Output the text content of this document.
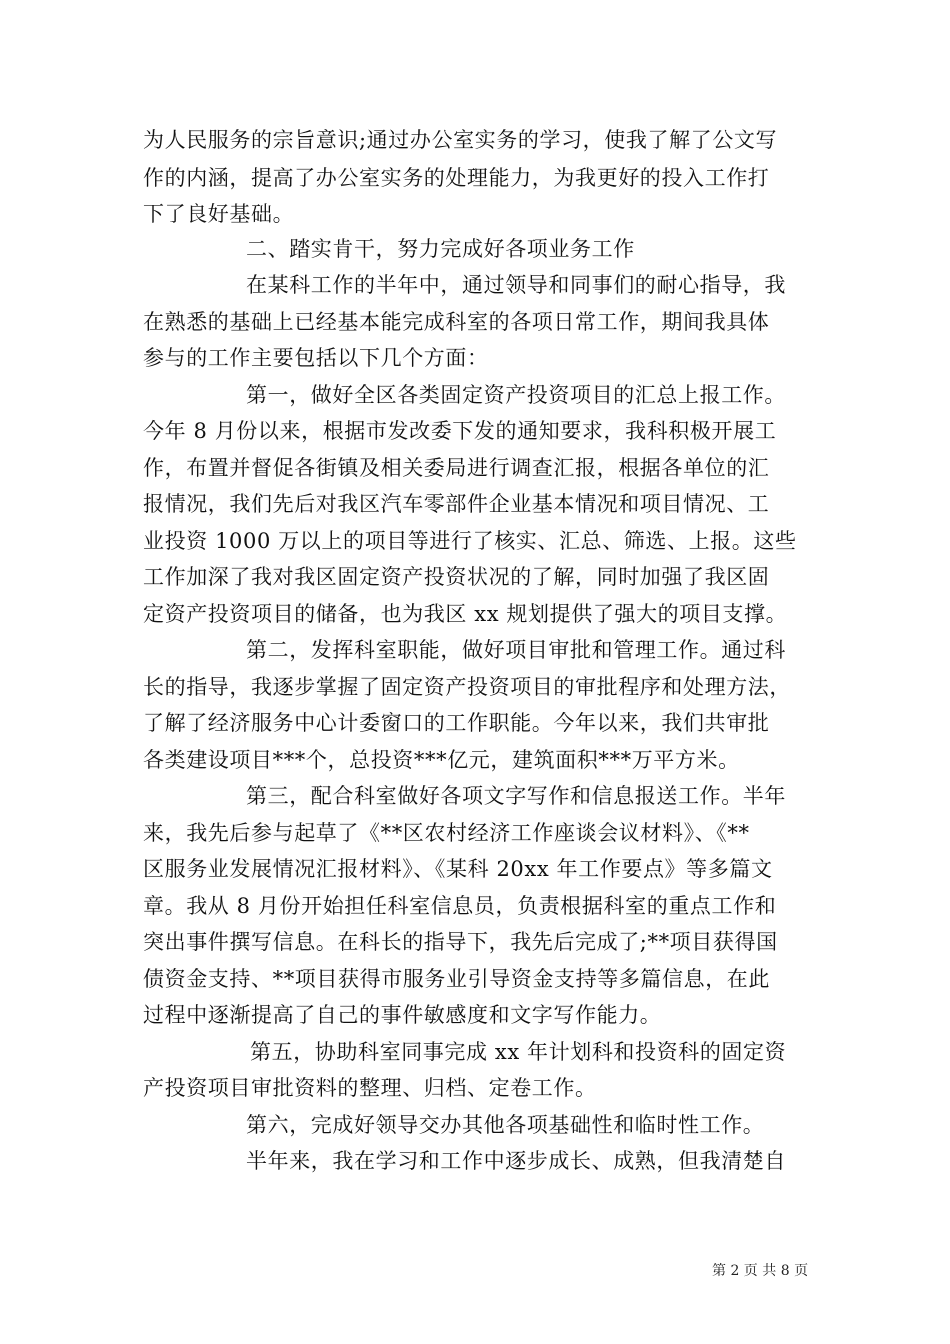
为人民服务的宗旨意识;通过办公室实务的学习，使我了解了公文写
作的内涵，提高了办公室实务的处理能力，为我更好的投入工作打
下了良好基础。
二、踏实肯干，努力完成好各项业务工作
在某科工作的半年中，通过领导和同事们的耐心指导，我
在熟悉的基础上已经基本能完成科室的各项日常工作，期间我具体
参与的工作主要包括以下几个方面：
第一，做好全区各类固定资产投资项目的汇总上报工作。
今年 8 月份以来，根据市发改委下发的通知要求，我科积极开展工
作，布置并督促各街镇及相关委局进行调查汇报，根据各单位的汇
报情况，我们先后对我区汽车零部件企业基本情况和项目情况、工
业投资 1000 万以上的项目等进行了核实、汇总、筛选、上报。这些
工作加深了我对我区固定资产投资状况的了解，同时加强了我区固
定资产投资项目的储备，也为我区 xx 规划提供了强大的项目支撑。
第二，发挥科室职能，做好项目审批和管理工作。通过科
长的指导，我逐步掌握了固定资产投资项目的审批程序和处理方法，
了解了经济服务中心计委窗口的工作职能。今年以来，我们共审批
各类建设项目***个，总投资***亿元，建筑面积***万平方米。
第三，配合科室做好各项文字写作和信息报送工作。半年
来，我先后参与起草了《**区农村经济工作座谈会议材料》、《**
区服务业发展情况汇报材料》、《某科 20xx 年工作要点》等多篇文
章。我从 8 月份开始担任科室信息员，负责根据科室的重点工作和
突出事件撰写信息。在科长的指导下，我先后完成了;**项目获得国
债资金支持、**项目获得市服务业引导资金支持等多篇信息，在此
过程中逐渐提高了自己的事件敏感度和文字写作能力。
第五，协助科室同事完成 xx 年计划科和投资科的固定资
产投资项目审批资料的整理、归档、定卷工作。
第六，完成好领导交办其他各项基础性和临时性工作。
半年来，我在学习和工作中逐步成长、成熟，但我清楚自
第 2 页 共 8 页
